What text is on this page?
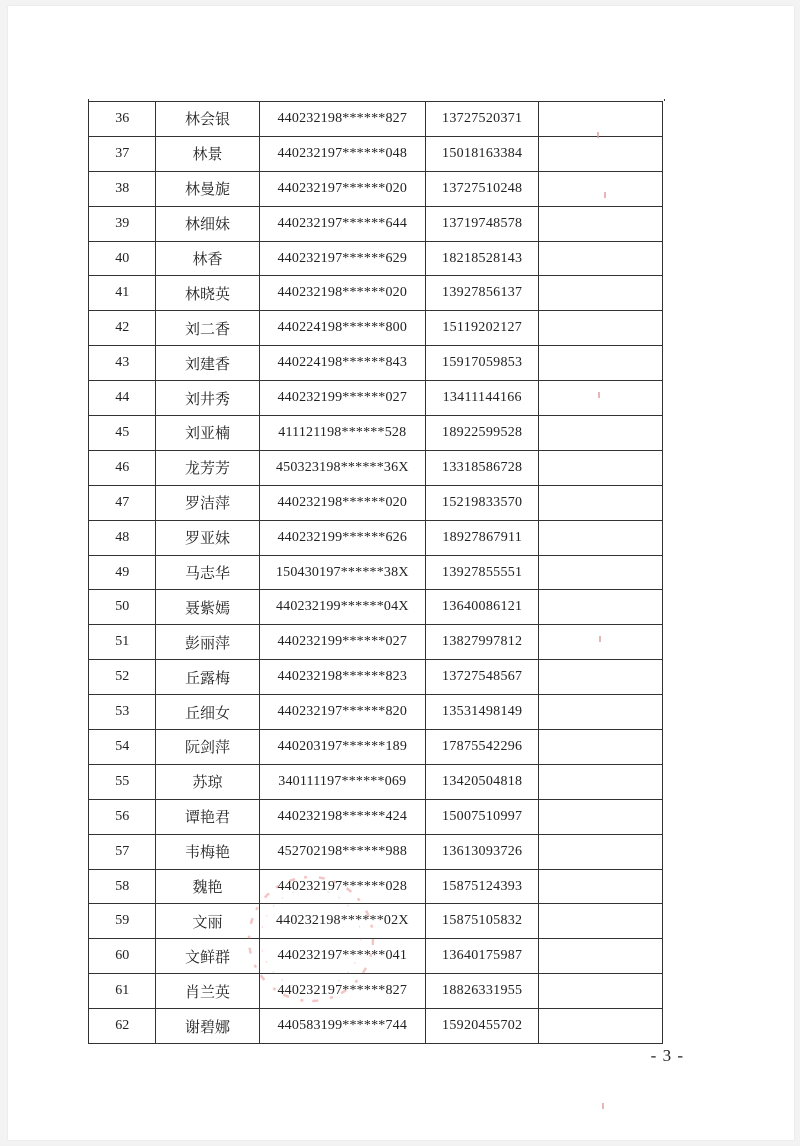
36	林会银	440232198******827	13727520371	
37	林景	440232197******048	15018163384	
38	林曼旎	440232197******020	13727510248	
39	林细妹	440232197******644	13719748578	
40	林香	440232197******629	18218528143	
41	林晓英	440232198******020	13927856137	
42	刘二香	440224198******800	15119202127	
43	刘建香	440224198******843	15917059853	
44	刘井秀	440232199******027	13411144166	
45	刘亚楠	411121198******528	18922599528	
46	龙芳芳	450323198******36X	13318586728	
47	罗洁萍	440232198******020	15219833570	
48	罗亚妹	440232199******626	18927867911	
49	马志华	150430197******38X	13927855551	
50	聂紫嫣	440232199******04X	13640086121	
51	彭丽萍	440232199******027	13827997812	
52	丘露梅	440232198******823	13727548567	
53	丘细女	440232197******820	13531498149	
54	阮剑萍	440203197******189	17875542296	
55	苏琼	340111197******069	13420504818	
56	谭艳君	440232198******424	15007510997	
57	韦梅艳	452702198******988	13613093726	
58	魏艳	440232197******028	15875124393	
59	文丽	440232198******02X	15875105832	
60	文鲜群	440232197******041	13640175987	
61	肖兰英	440232197******827	18826331955	
62	谢碧娜	440583199******744	15920455702	
- 3 -
